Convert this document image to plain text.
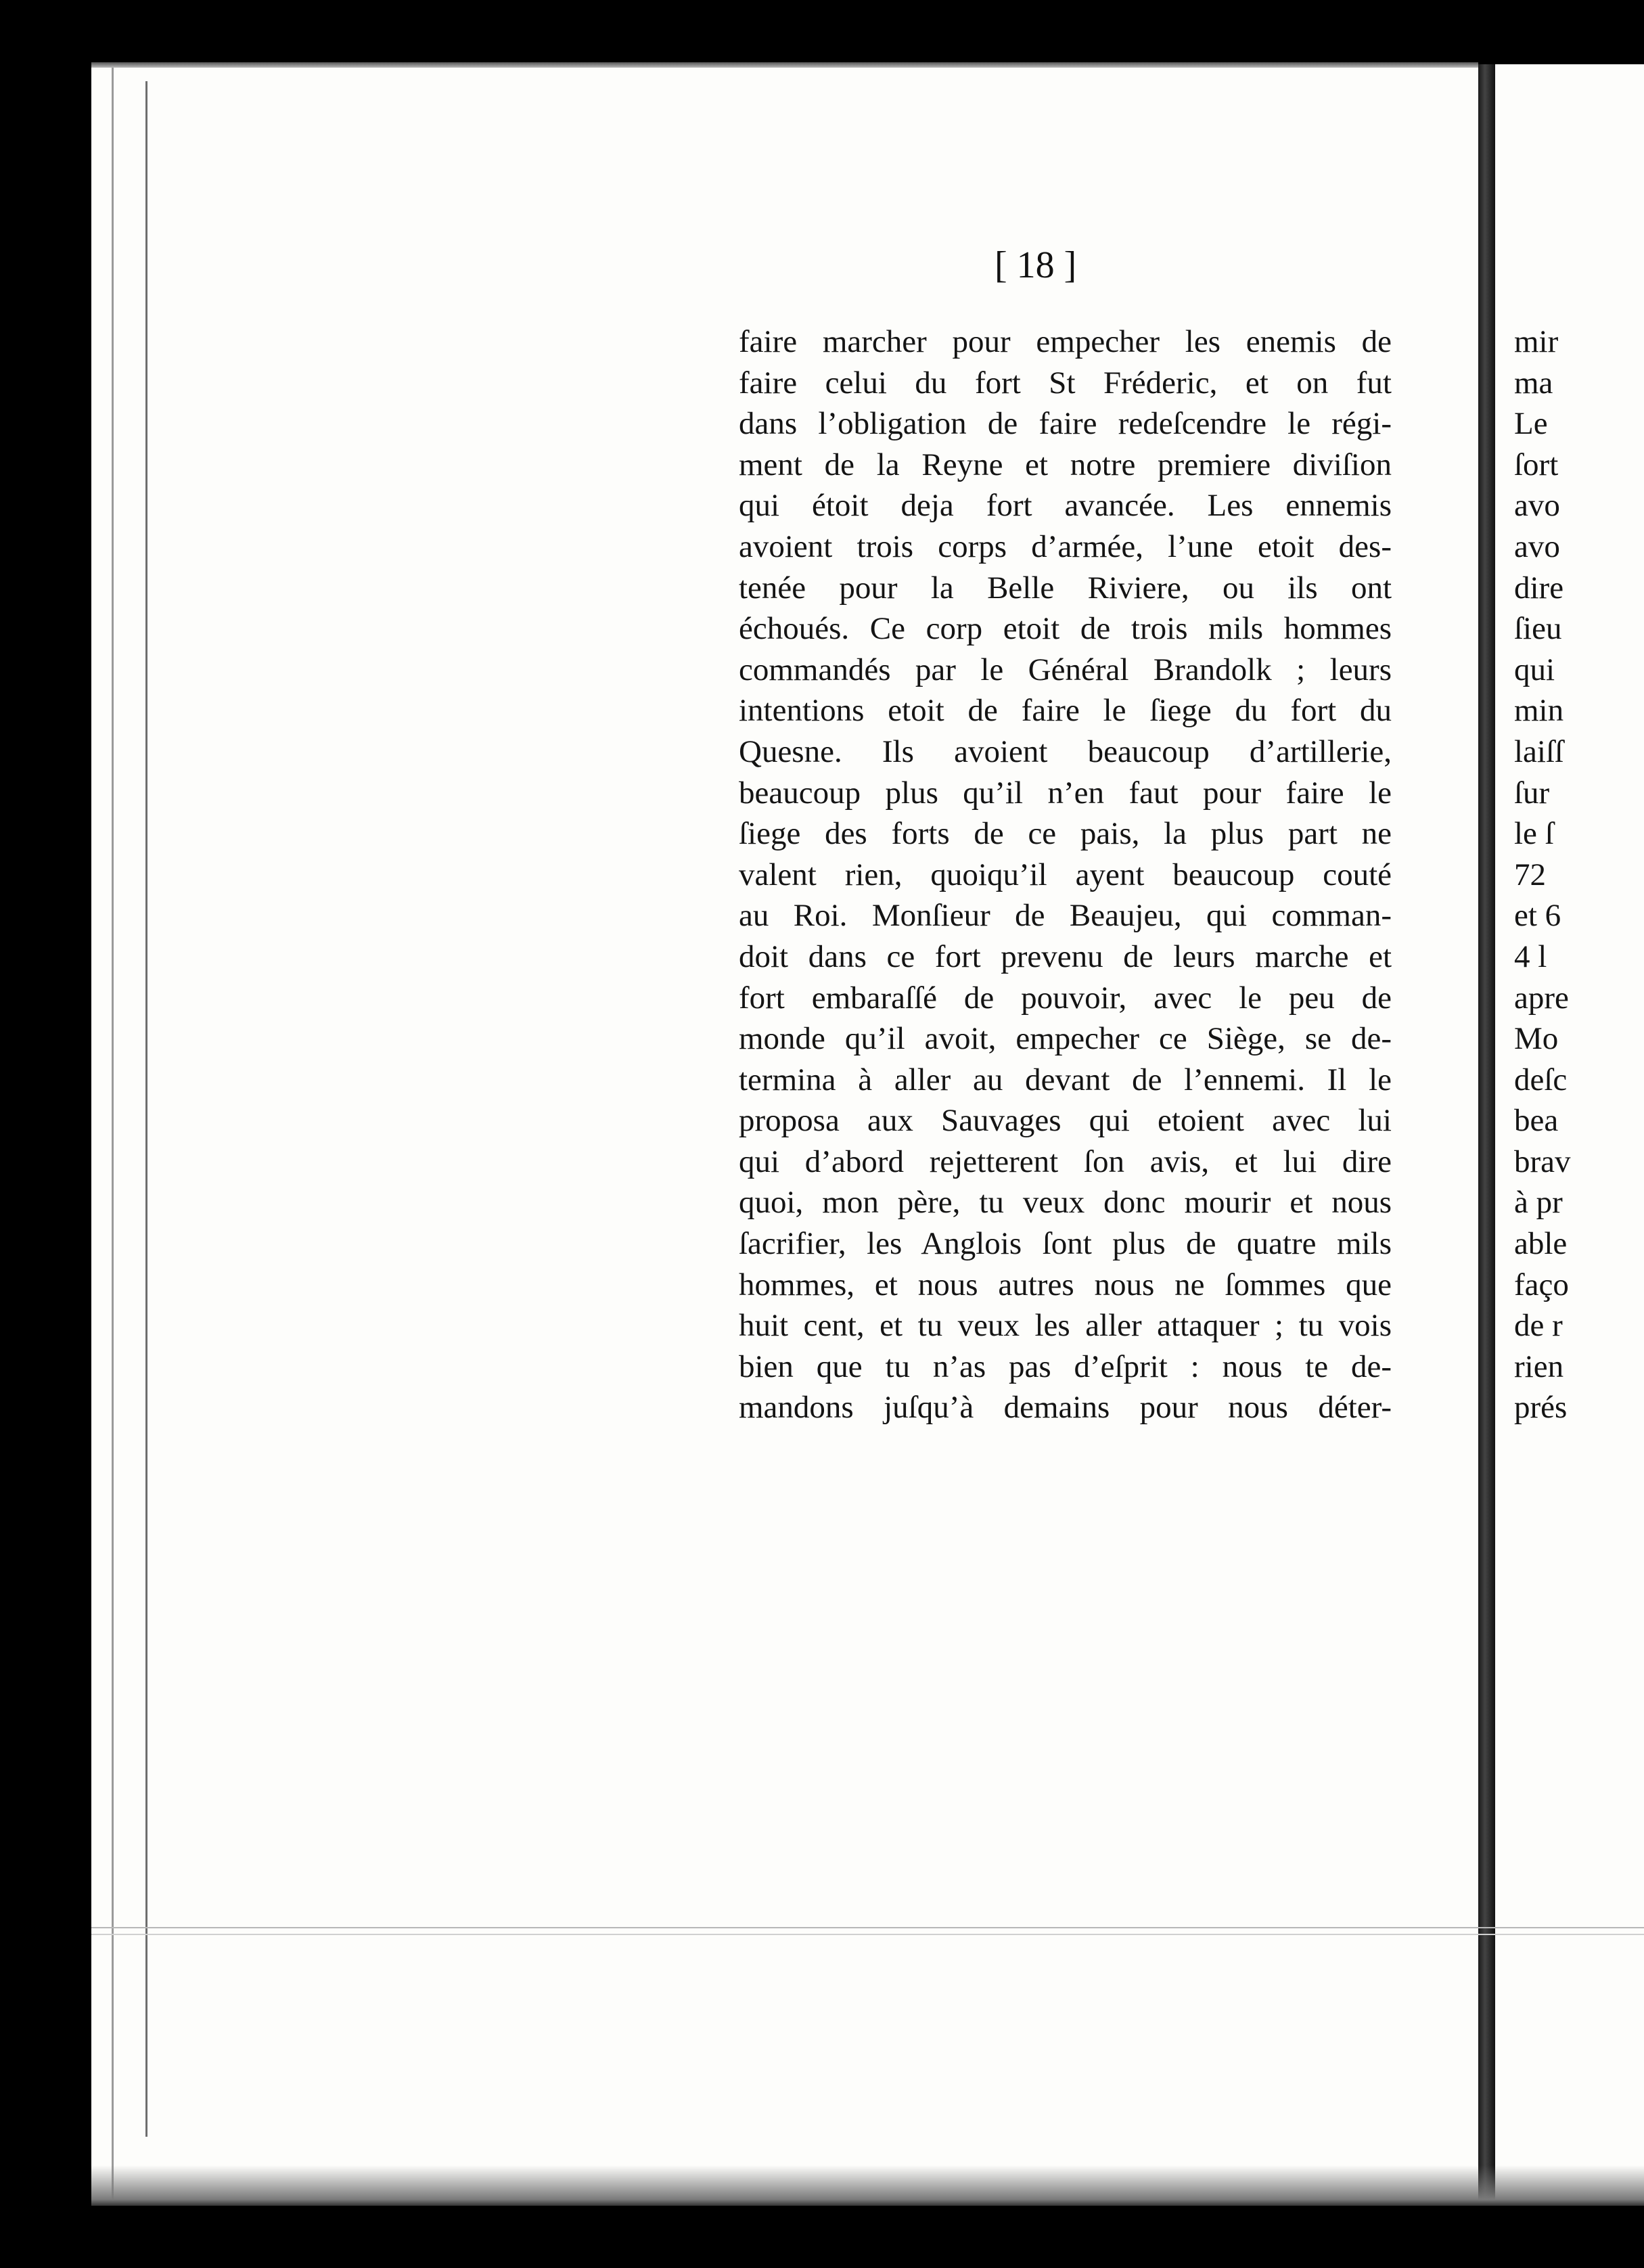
[ 18 ]
faire marcher pour empecher les enemis de
faire celui du fort St Fréderic, et on fut
dans l’obligation de faire redeſcendre le régi-
ment de la Reyne et notre premiere diviſion
qui étoit deja fort avancée. Les ennemis
avoient trois corps d’armée, l’une etoit des-
tenée pour la Belle Riviere, ou ils ont
échoués. Ce corp etoit de trois mils hommes
commandés par le Général Brandolk ; leurs
intentions etoit de faire le ſiege du fort du
Quesne. Ils avoient beaucoup d’artillerie,
beaucoup plus qu’il n’en faut pour faire le
ſiege des forts de ce pais, la plus part ne
valent rien, quoiqu’il ayent beaucoup couté
au Roi. Monſieur de Beaujeu, qui comman-
doit dans ce fort prevenu de leurs marche et
fort embaraſſé de pouvoir, avec le peu de
monde qu’il avoit, empecher ce Siège, se de-
termina à aller au devant de l’ennemi. Il le
proposa aux Sauvages qui etoient avec lui
qui d’abord rejetterent ſon avis, et lui dire
quoi, mon père, tu veux donc mourir et nous
ſacrifier, les Anglois ſont plus de quatre mils
hommes, et nous autres nous ne ſommes que
huit cent, et tu veux les aller attaquer ; tu vois
bien que tu n’as pas d’eſprit : nous te de-
mandons juſqu’à demains pour nous déter-
mir
ma
Le
ſort
avo
avo
dire
ſieu
qui
min
laiſſ
ſur
le ſ
72
et 6
4 l
apre
Mo
deſc
bea
brav
à pr
able
faço
de r
rien
prés
